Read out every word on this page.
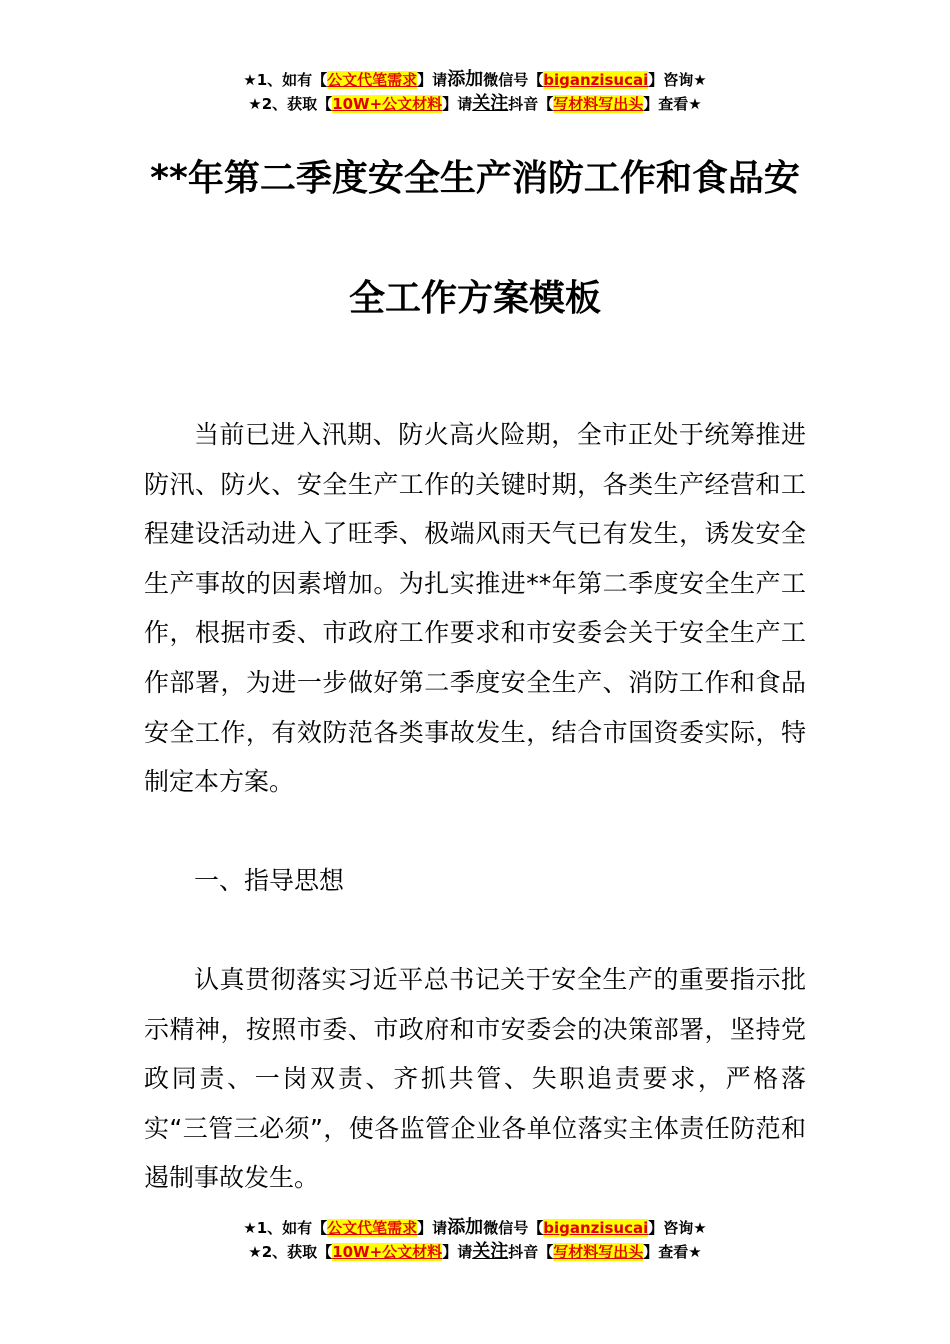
★1、如有【公文代笔需求】请添加微信号【biganzisucai】咨询★
★2、获取【10W+公文材料】请关注抖音【写材料写出头】查看★
**年第二季度安全生产消防工作和食品安
全工作方案模板

当前已进入汛期、防火高火险期，全市正处于统筹推进防汛、防火、安全生产工作的关键时期，各类生产经营和工程建设活动进入了旺季、极端风雨天气已有发生，诱发安全生产事故的因素增加。为扎实推进**年第二季度安全生产工作，根据市委、市政府工作要求和市安委会关于安全生产工作部署，为进一步做好第二季度安全生产、消防工作和食品安全工作，有效防范各类事故发生，结合市国资委实际，特制定本方案。

一、指导思想

认真贯彻落实习近平总书记关于安全生产的重要指示批示精神，按照市委、市政府和市安委会的决策部署，坚持党政同责、一岗双责、齐抓共管、失职追责要求，严格落实“三管三必须”，使各监管企业各单位落实主体责任防范和遏制事故发生。

★1、如有【公文代笔需求】请添加微信号【biganzisucai】咨询★
★2、获取【10W+公文材料】请关注抖音【写材料写出头】查看★
